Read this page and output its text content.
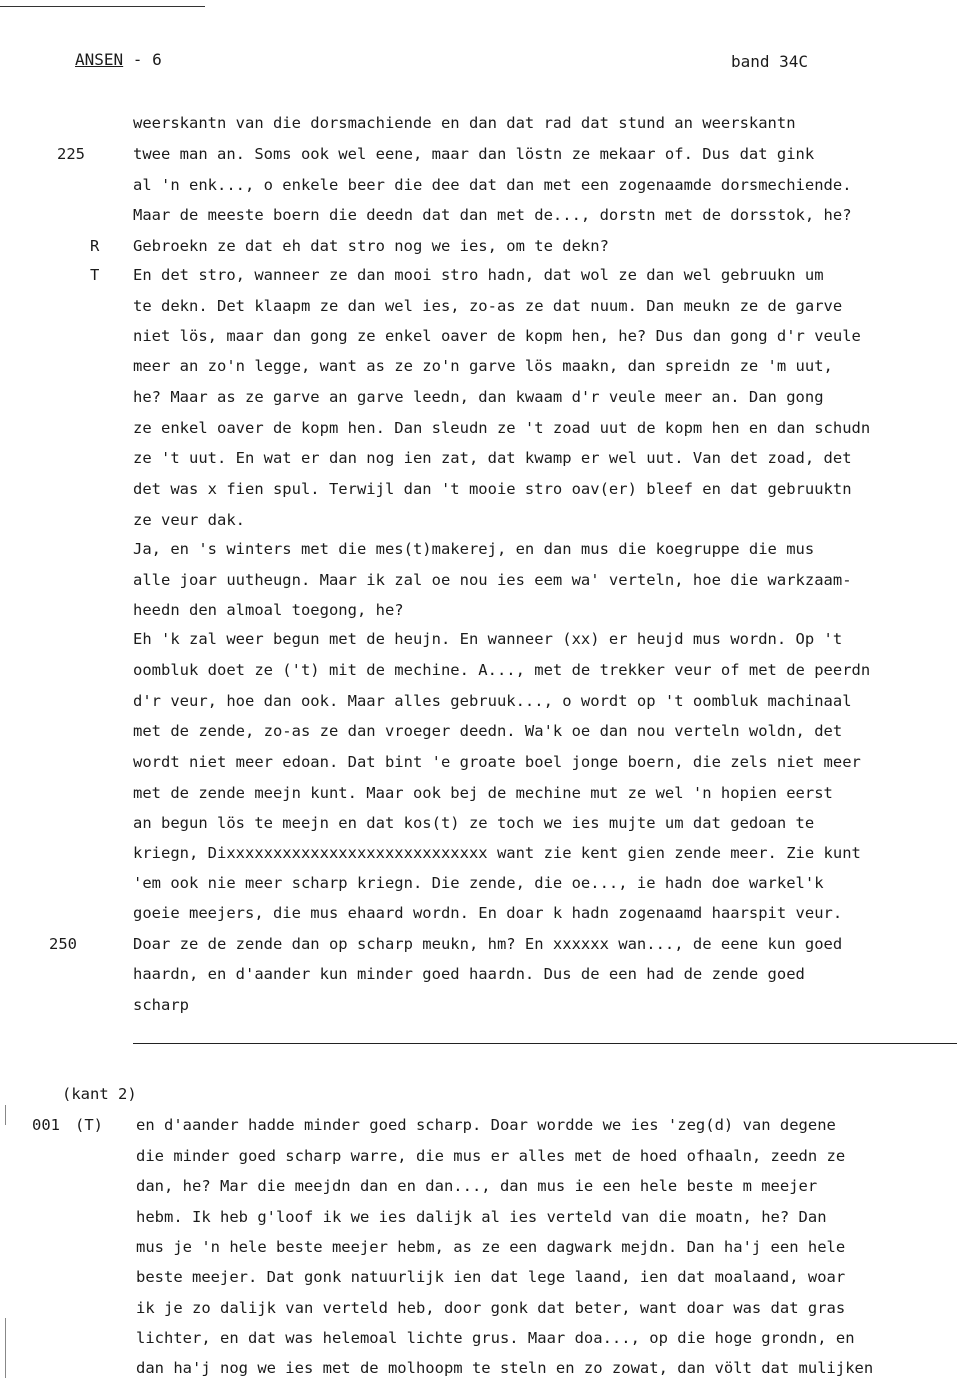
ANSEN - 6	band 34C
225
R
T
250
weerskantn van die dorsmachiende en dan dat rad dat stund an weerskantn
twee man an. Soms ook wel eene, maar dan löstn ze mekaar of. Dus dat gink
al 'n enk..., o enkele beer die dee dat dan met een zogenaamde dorsmechiende.
Maar de meeste boern die deedn dat dan met de..., dorstn met de dorsstok, he?
Gebroekn ze dat eh dat stro nog we ies, om te dekn?
En det stro, wanneer ze dan mooi stro hadn, dat wol ze dan wel gebruukn um
te dekn. Det klaapm ze dan wel ies, zo-as ze dat nuum. Dan meukn ze de garve
niet lös, maar dan gong ze enkel oaver de kopm hen, he? Dus dan gong d'r veule
meer an zo'n legge, want as ze zo'n garve lös maakn, dan spreidn ze 'm uut,
he? Maar as ze garve an garve leedn, dan kwaam d'r veule meer an. Dan gong
ze enkel oaver de kopm hen. Dan sleudn ze 't zoad uut de kopm hen en dan schudn
ze 't uut. En wat er dan nog ien zat, dat kwamp er wel uut. Van det zoad, det
det was x fien spul. Terwijl dan 't mooie stro oav(er) bleef en dat gebruuktn
ze veur dak.
Ja, en 's winters met die mes(t)makerej, en dan mus die koegruppe die mus
alle joar uutheugn. Maar ik zal oe nou ies eem wa' verteln, hoe die warkzaam-
heedn den almoal toegong, he?
Eh 'k zal weer begun met de heujn. En wanneer (xx) er heujd mus wordn. Op 't
oombluk doet ze ('t) mit de mechine. A..., met de trekker veur of met de peerdn
d'r veur, hoe dan ook. Maar alles gebruuk..., o wordt op 't oombluk machinaal
met de zende, zo-as ze dan vroeger deedn. Wa'k oe dan nou verteln woldn, det
wordt niet meer edoan. Dat bint 'e groate boel jonge boern, die zels niet meer
met de zende meejn kunt. Maar ook bej de mechine mut ze wel 'n hopien eerst
an begun lös te meejn en dat kos(t) ze toch we ies mujte um dat gedoan te
kriegn, Dixxxxxxxxxxxxxxxxxxxxxxxxxxxx want zie kent gien zende meer. Zie kunt
'em ook nie meer scharp kriegn. Die zende, die oe..., ie hadn doe warkel'k
goeie meejers, die mus ehaard wordn. En doar k hadn zogenaamd haarspit veur.
Doar ze de zende dan op scharp meukn, hm? En xxxxxx wan..., de eene kun goed
haardn, en d'aander kun minder goed haardn. Dus de een had de zende goed
scharp
(kant 2)
001 (T) en d'aander hadde minder goed scharp. Doar wordde we ies 'zeg(d) van degene
die minder goed scharp warre, die mus er alles met de hoed ofhaaln, zeedn ze
dan, he? Mar die meejdn dan en dan..., dan mus ie een hele beste m meejer
hebm. Ik heb g'loof ik we ies dalijk al ies verteld van die moatn, he? Dan
mus je 'n hele beste meejer hebm, as ze een dagwark mejdn. Dan ha'j een hele
beste meejer. Dat gonk natuurlijk ien dat lege laand, ien dat moalaand, woar
ik je zo dalijk van verteld heb, door gonk dat beter, want doar was dat gras
lichter, en dat was helemoal lichte grus. Maar doa..., op die hoge grondn, en
dan ha'j nog we ies met de molhoopm te steln en zo zowat, dan völt dat mulijken
